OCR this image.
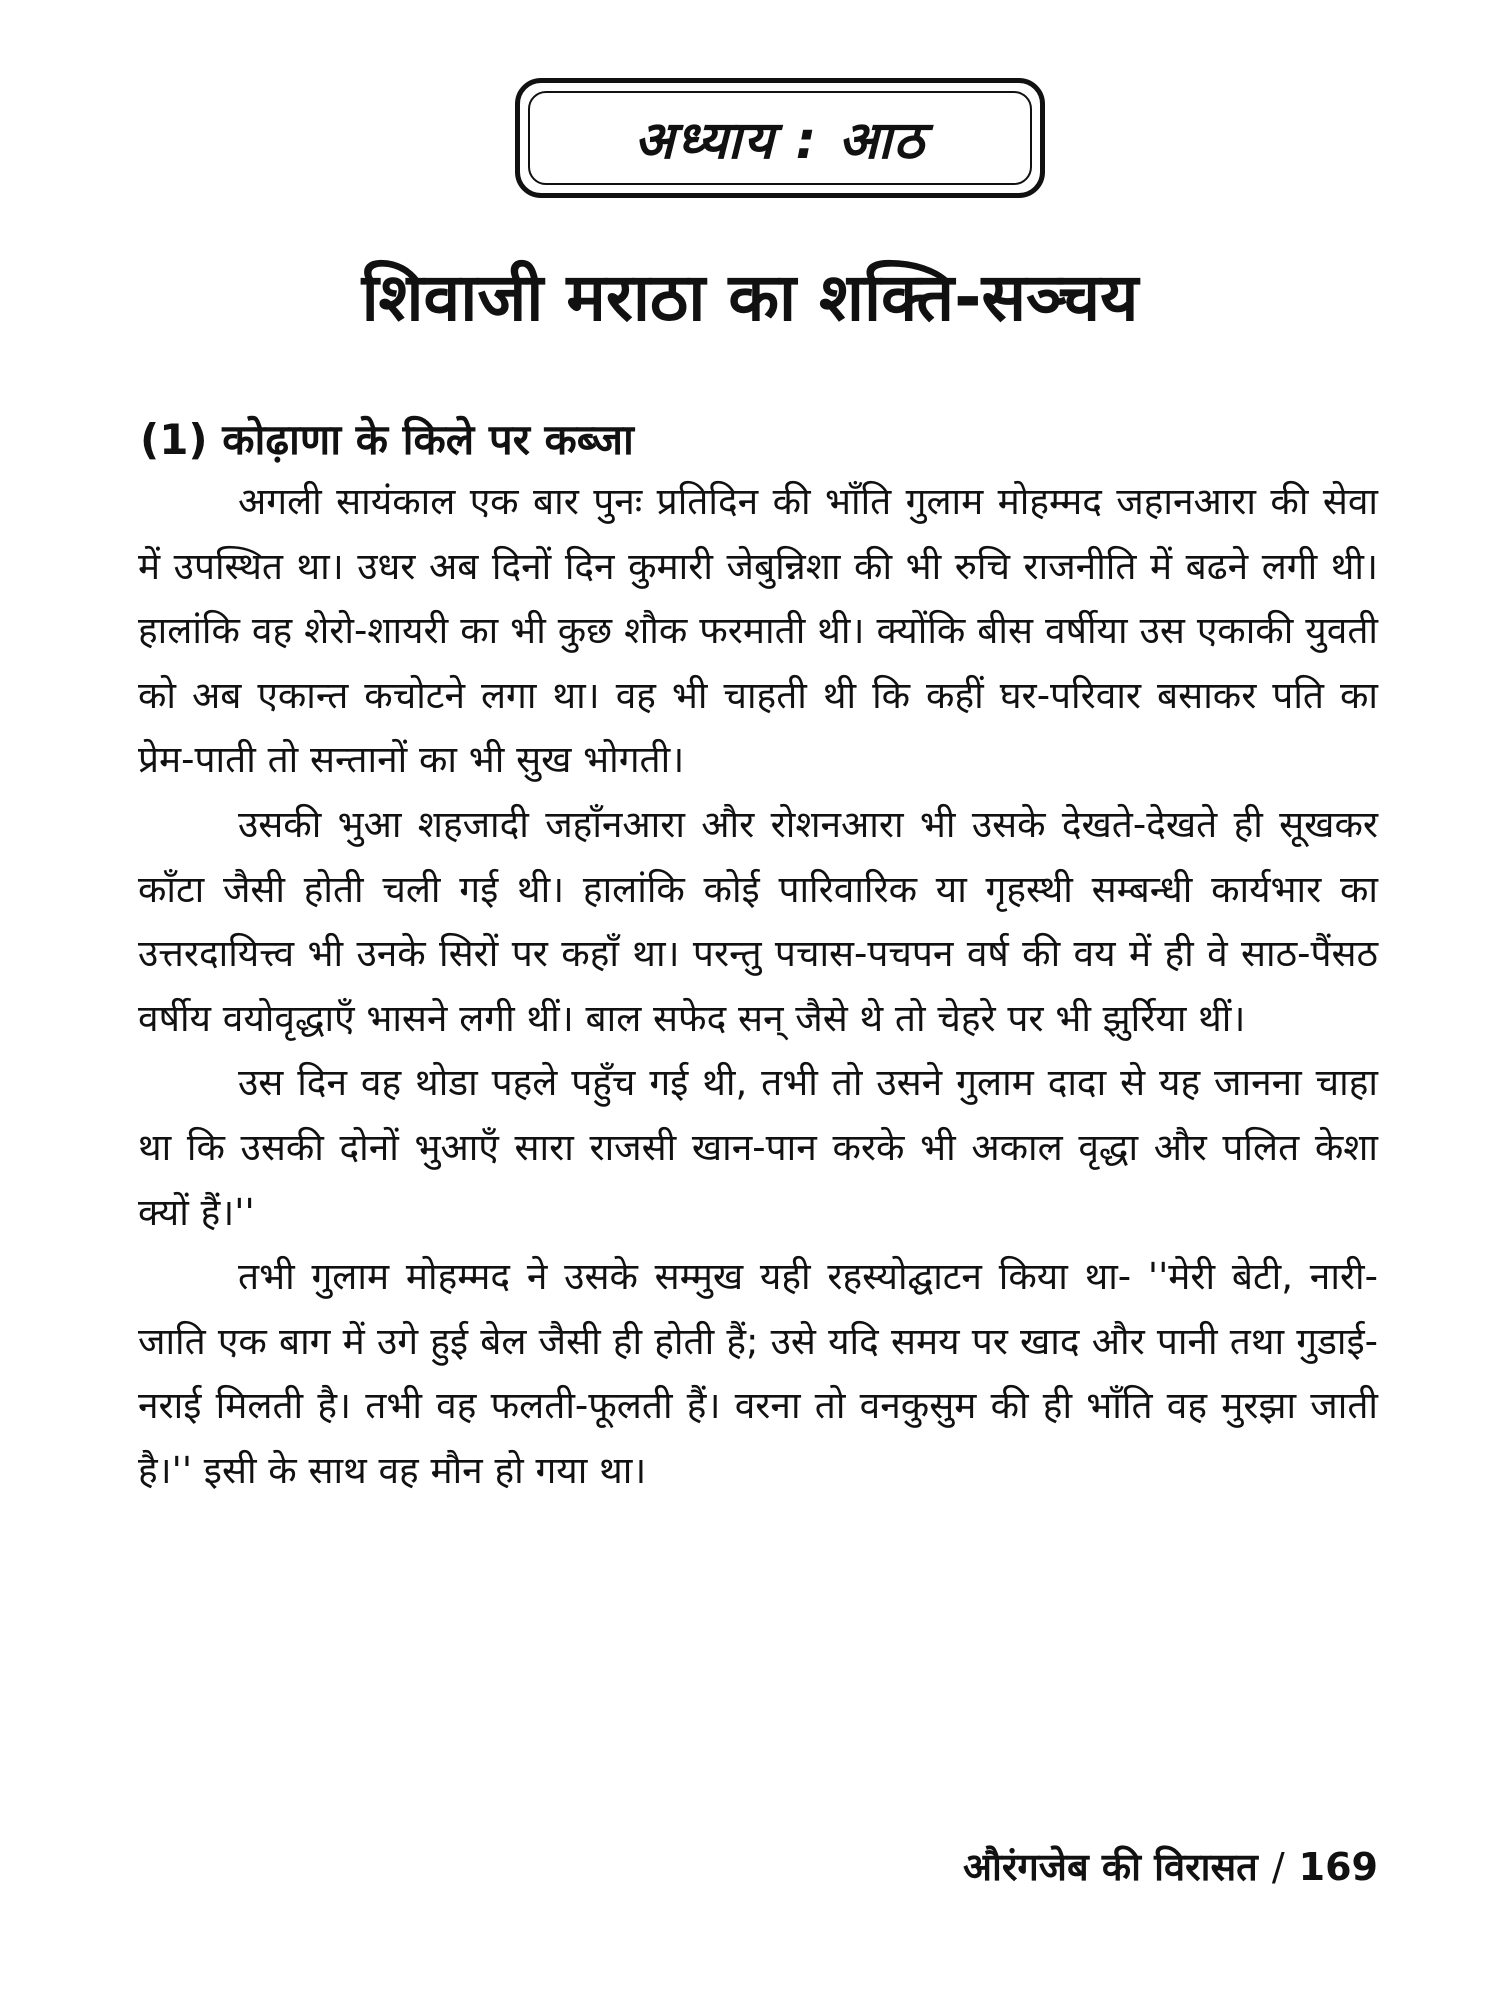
अध्याय : आठ
शिवाजी मराठा का शक्ति-सञ्चय
(1) कोढ़ाणा के किले पर कब्जा

अगली सायंकाल एक बार पुनः प्रतिदिन की भाँति गुलाम मोहम्मद जहानआरा की सेवा में उपस्थित था। उधर अब दिनों दिन कुमारी जेबुन्निशा की भी रुचि राजनीति में बढने लगी थी। हालांकि वह शेरो-शायरी का भी कुछ शौक फरमाती थी। क्योंकि बीस वर्षीया उस एकाकी युवती को अब एकान्त कचोटने लगा था। वह भी चाहती थी कि कहीं घर-परिवार बसाकर पति का प्रेम-पाती तो सन्तानों का भी सुख भोगती।

उसकी भुआ शहजादी जहाँनआरा और रोशनआरा भी उसके देखते-देखते ही सूखकर काँटा जैसी होती चली गई थी। हालांकि कोई पारिवारिक या गृहस्थी सम्बन्धी कार्यभार का उत्तरदायित्त्व भी उनके सिरों पर कहाँ था। परन्तु पचास-पचपन वर्ष की वय में ही वे साठ-पैंसठ वर्षीय वयोवृद्धाएँ भासने लगी थीं। बाल सफेद सन् जैसे थे तो चेहरे पर भी झुर्रिया थीं।

उस दिन वह थोडा पहले पहुँच गई थी, तभी तो उसने गुलाम दादा से यह जानना चाहा था कि उसकी दोनों भुआएँ सारा राजसी खान-पान करके भी अकाल वृद्धा और पलित केशा क्यों हैं।''

तभी गुलाम मोहम्मद ने उसके सम्मुख यही रहस्योद्घाटन किया था- ''मेरी बेटी, नारी-जाति एक बाग में उगे हुई बेल जैसी ही होती हैं; उसे यदि समय पर खाद और पानी तथा गुडाई-नराई मिलती है। तभी वह फलती-फूलती हैं। वरना तो वनकुसुम की ही भाँति वह मुरझा जाती है।'' इसी के साथ वह मौन हो गया था।

औरंगजेब की विरासत / 169
